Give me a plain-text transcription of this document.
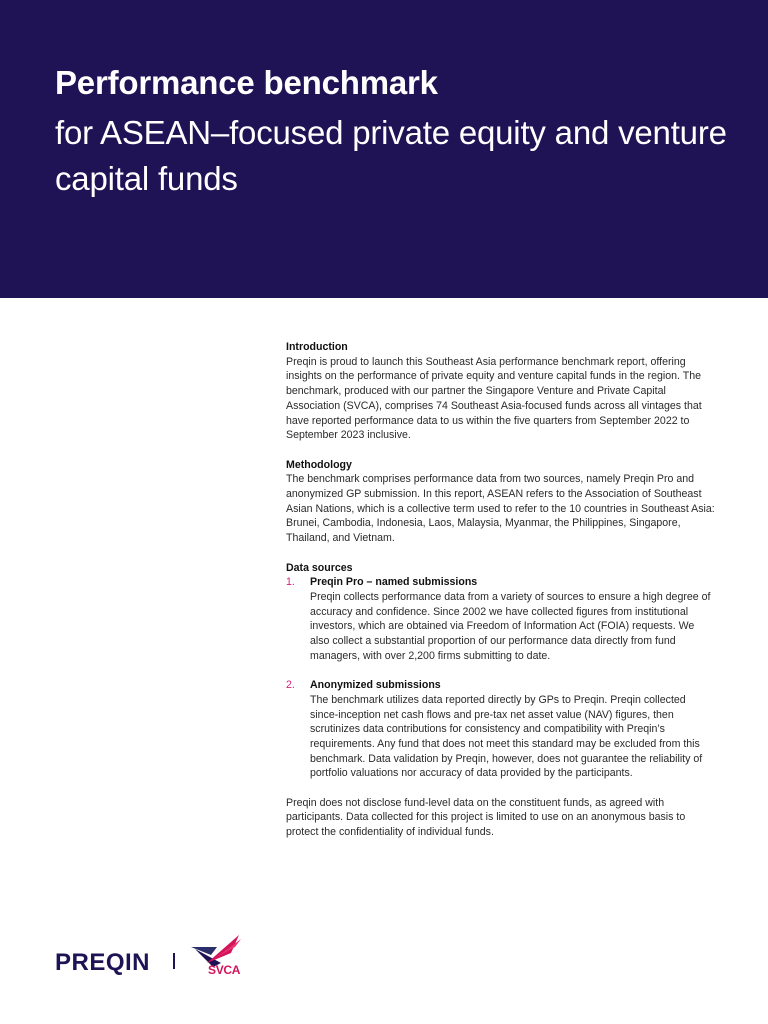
Performance benchmark
for ASEAN–focused private equity and venture capital funds
Introduction

Preqin is proud to launch this Southeast Asia performance benchmark report, offering insights on the performance of private equity and venture capital funds in the region. The benchmark, produced with our partner the Singapore Venture and Private Capital Association (SVCA), comprises 74 Southeast Asia-focused funds across all vintages that have reported performance data to us within the five quarters from September 2022 to September 2023 inclusive.

Methodology

The benchmark comprises performance data from two sources, namely Preqin Pro and anonymized GP submission. In this report, ASEAN refers to the Association of Southeast Asian Nations, which is a collective term used to refer to the 10 countries in Southeast Asia: Brunei, Cambodia, Indonesia, Laos, Malaysia, Myanmar, the Philippines, Singapore, Thailand, and Vietnam.

Data sources
1.	Preqin Pro – named submissions

Preqin collects performance data from a variety of sources to ensure a high degree of accuracy and confidence. Since 2002 we have collected figures from institutional investors, which are obtained via Freedom of Information Act (FOIA) requests. We also collect a substantial proportion of our performance data directly from fund managers, with over 2,200 firms submitting to date.

2.	Anonymized submissions

The benchmark utilizes data reported directly by GPs to Preqin. Preqin collected since-inception net cash flows and pre-tax net asset value (NAV) figures, then scrutinizes data contributions for consistency and compatibility with Preqin’s requirements. Any fund that does not meet this standard may be excluded from this benchmark. Data validation by Preqin, however, does not guarantee the reliability of portfolio valuations nor accuracy of data provided by the participants.

Preqin does not disclose fund-level data on the constituent funds, as agreed with participants. Data collected for this project is limited to use on an anonymous basis to protect the confidentiality of individual funds.

PREQIN	SVCA
